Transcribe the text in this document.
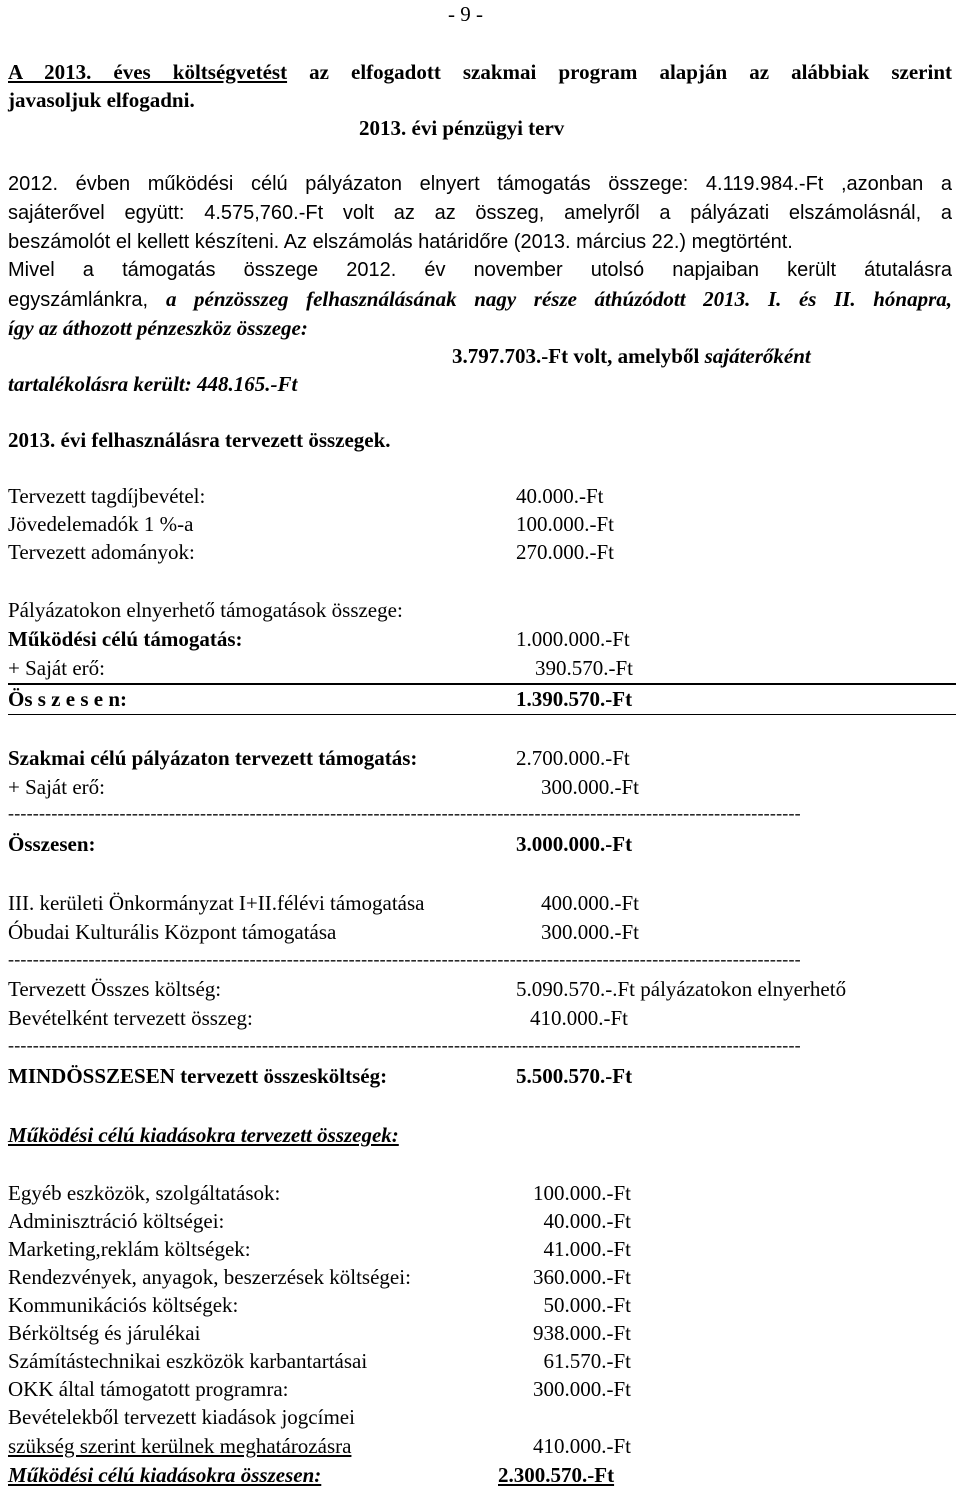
- 9 -
A 2013. éves költségvetést az elfogadott szakmai program alapján az alábbiak szerint
javasoljuk elfogadni.
2013. évi pénzügyi terv
2012. évben működési célú pályázaton elnyert támogatás összege: 4.119.984.-Ft ,azonban a
sajáterővel együtt: 4.575,760.-Ft volt az az összeg, amelyről a pályázati elszámolásnál, a
beszámolót el kellett készíteni. Az elszámolás határidőre (2013. március 22.) megtörtént.
Mivel a támogatás összege 2012. év november utolsó napjaiban került átutalásra
egyszámlánkra, a pénzösszeg felhasználásának nagy része áthúzódott 2013. I. és II. hónapra,
így az áthozott pénzeszköz összege:
3.797.703.-Ft volt, amelyből sajáterőként
tartalékolásra került: 448.165.-Ft
2013. évi felhasználásra tervezett összegek.
Tervezett tagdíjbevétel:	40.000.-Ft
Jövedelemadók 1 %-a	100.000.-Ft
Tervezett adományok:	270.000.-Ft
Pályázatokon elnyerhető támogatások összege:
Működési célú támogatás:	1.000.000.-Ft
+ Saját erő:	390.570.-Ft
Ös s z e s e n:	1.390.570.-Ft
Szakmai célú pályázaton tervezett támogatás:	2.700.000.-Ft
+ Saját erő:	300.000.-Ft
--------------------------------------------------------------------------------------------------------------------------------
Összesen:	3.000.000.-Ft
III. kerületi Önkormányzat I+II.félévi támogatása	400.000.-Ft
Óbudai Kulturális Központ támogatása	300.000.-Ft
--------------------------------------------------------------------------------------------------------------------------------
Tervezett Összes költség:	5.090.570.-.Ft pályázatokon elnyerhető
Bevételként tervezett összeg:	410.000.-Ft
--------------------------------------------------------------------------------------------------------------------------------
MINDÖSSZESEN tervezett összesköltség:	5.500.570.-Ft
Működési célú kiadásokra tervezett összegek:
Egyéb eszközök, szolgáltatások:	100.000.-Ft
Adminisztráció költségei:	40.000.-Ft
Marketing,reklám költségek:	41.000.-Ft
Rendezvények, anyagok, beszerzések költségei:	360.000.-Ft
Kommunikációs költségek:	50.000.-Ft
Bérköltség és járulékai	938.000.-Ft
Számítástechnikai eszközök karbantartásai	61.570.-Ft
OKK által támogatott programra:	300.000.-Ft
Bevételekből tervezett kiadások jogcímei
szükség szerint kerülnek meghatározásra	410.000.-Ft
Működési célú kiadásokra összesen:	2.300.570.-Ft
